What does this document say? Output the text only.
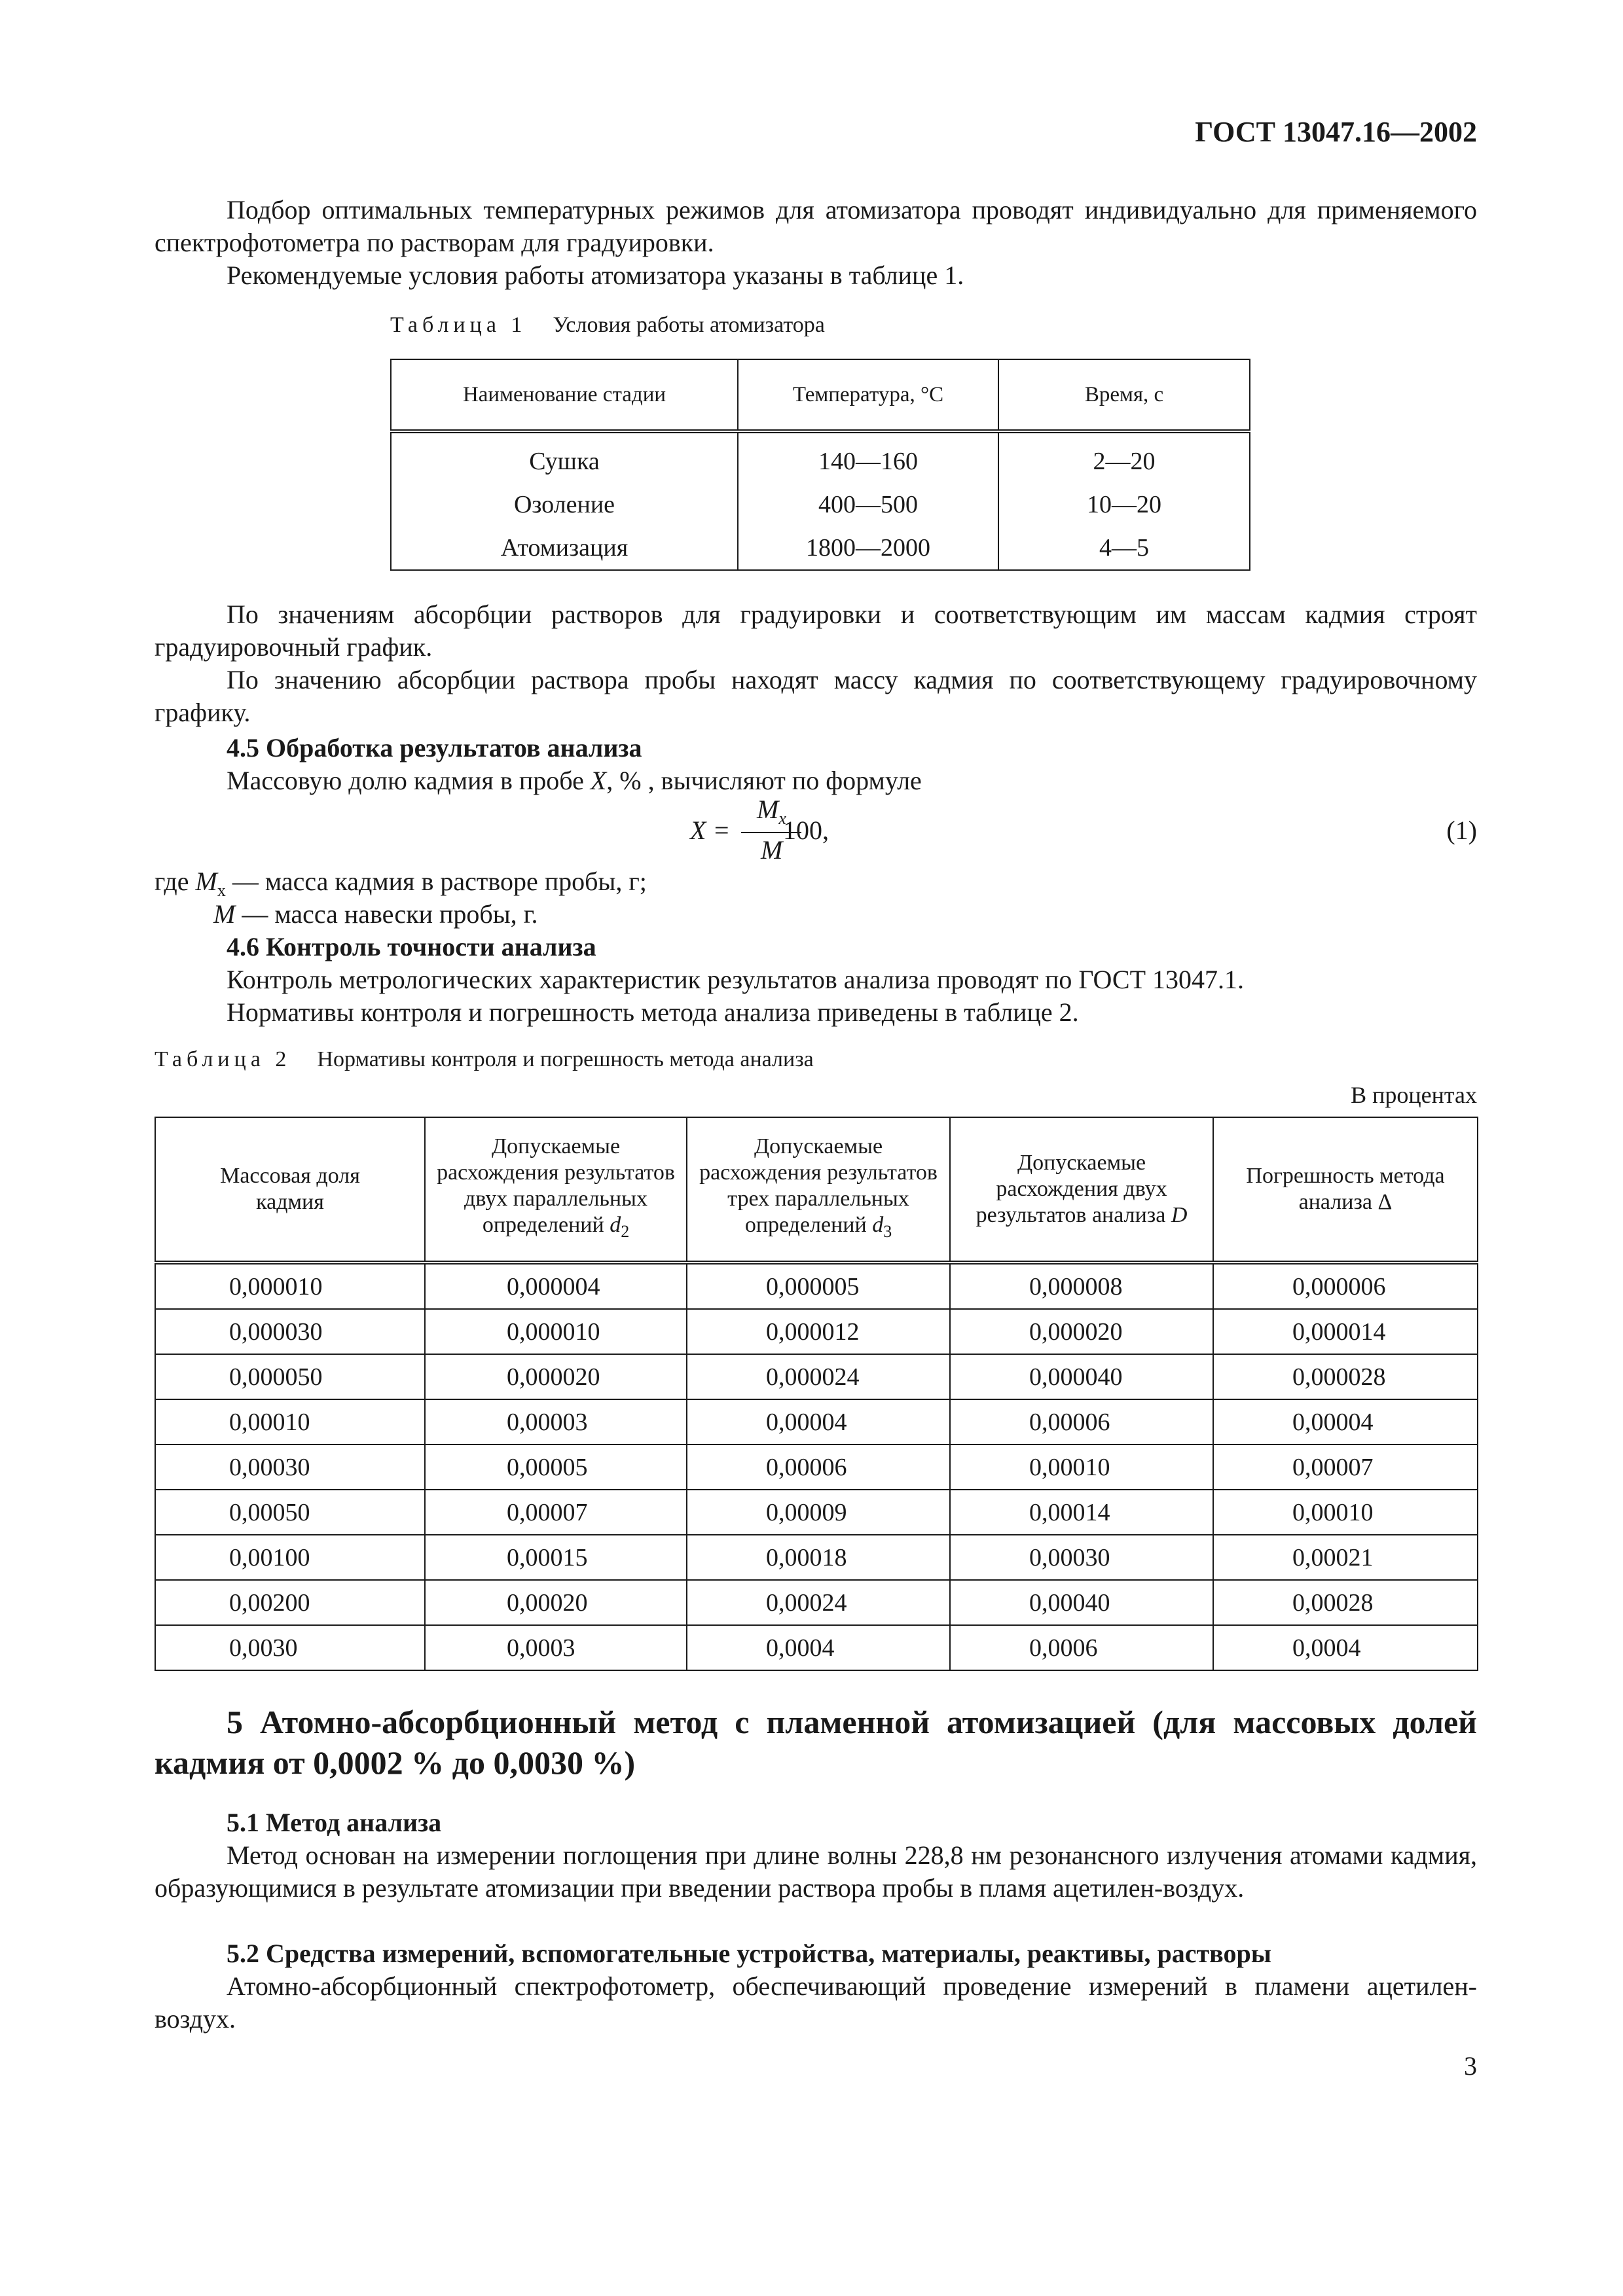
ГОСТ 13047.16—2002

Подбор оптимальных температурных режимов для атомизатора проводят индивидуально для применяемого спектрофотометра по растворам для градуировки.

Рекомендуемые условия работы атомизатора указаны в таблице 1.

Таблица 1 Условия работы атомизатора
Наименование стадии	Температура, °С	Время, с
Сушка	140—160	2—20
Озоление	400—500	10—20
Атомизация	1800—2000	4—5

По значениям абсорбции растворов для градуировки и соответствующим им массам кадмия строят градуировочный график.

По значению абсорбции раствора пробы находят массу кадмия по соответствующему градуировочному графику.

4.5 Обработка результатов анализа

Массовую долю кадмия в пробе X, % , вычисляют по формуле

X =
$M_x$
M
100,	(1)

где $M_x$ — масса кадмия в растворе пробы, г;

M — масса навески пробы, г.

4.6 Контроль точности анализа

Контроль метрологических характеристик результатов анализа проводят по ГОСТ 13047.1.

Нормативы контроля и погрешность метода анализа приведены в таблице 2.

Таблица 2 Нормативы контроля и погрешность метода анализа
В процентах
Массовая доля кадмия	Допускаемые расхождения результатов двух параллельных определений $d_2$	Допускаемые расхождения результатов трех параллельных определений $d_3$	Допускаемые расхождения двух результатов анализа D	Погрешность метода анализа Δ
0,000010	0,000004	0,000005	0,000008	0,000006
0,000030	0,000010	0,000012	0,000020	0,000014
0,000050	0,000020	0,000024	0,000040	0,000028
0,00010	0,00003	0,00004	0,00006	0,00004
0,00030	0,00005	0,00006	0,00010	0,00007
0,00050	0,00007	0,00009	0,00014	0,00010
0,00100	0,00015	0,00018	0,00030	0,00021
0,00200	0,00020	0,00024	0,00040	0,00028
0,0030	0,0003	0,0004	0,0006	0,0004

5 Атомно-абсорбционный метод с пламенной атомизацией (для массовых долей кадмия от 0,0002 % до 0,0030 %)

5.1 Метод анализа

Метод основан на измерении поглощения при длине волны 228,8 нм резонансного излучения атомами кадмия, образующимися в результате атомизации при введении раствора пробы в пламя ацетилен-воздух.

5.2 Средства измерений, вспомогательные устройства, материалы, реактивы, растворы

Атомно-абсорбционный спектрофотометр, обеспечивающий проведение измерений в пламени ацетилен-воздух.

3
